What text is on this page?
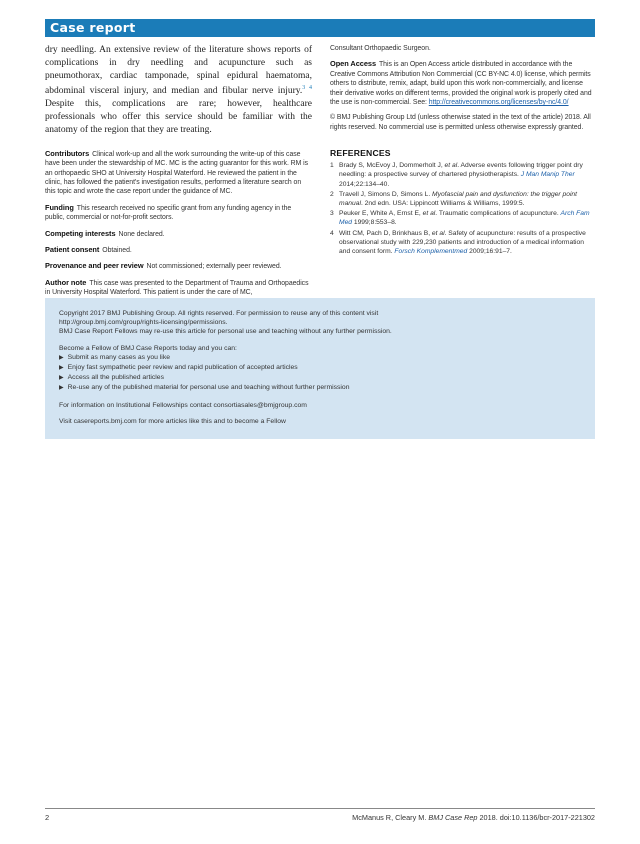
Case report

dry needling. An extensive review of the literature shows reports of complications in dry needling and acupuncture such as pneumothorax, cardiac tamponade, spinal epidural haematoma, abdominal visceral injury, and median and fibular nerve injury.$^{3 4}$ Despite this, complications are rare; however, healthcare professionals who offer this service should be familiar with the anatomy of the region that they are treating.

Contributors Clinical work-up and all the work surrounding the write-up of this case have been under the stewardship of MC. MC is the acting guarantor for this work. RM is an orthopaedic SHO at University Hospital Waterford. He reviewed the patient in the clinic, has followed the patient's investigation results, performed a literature search on this topic and wrote the case report under the guidance of MC.

Funding This research received no specific grant from any funding agency in the public, commercial or not-for-profit sectors.

Competing interests None declared.

Patient consent Obtained.

Provenance and peer review Not commissioned; externally peer reviewed.

Author note This case was presented to the Department of Trauma and Orthopaedics in University Hospital Waterford. This patient is under the care of MC,

Consultant Orthopaedic Surgeon.

Open Access This is an Open Access article distributed in accordance with the Creative Commons Attribution Non Commercial (CC BY-NC 4.0) license, which permits others to distribute, remix, adapt, build upon this work non-commercially, and license their derivative works on different terms, provided the original work is properly cited and the use is non-commercial. See: http://creativecommons.org/licenses/by-nc/4.0/

© BMJ Publishing Group Ltd (unless otherwise stated in the text of the article) 2018. All rights reserved. No commercial use is permitted unless otherwise expressly granted.

REFERENCES
1 Brady S, McEvoy J, Dommerholt J, et al. Adverse events following trigger point dry needling: a prospective survey of chartered physiotherapists. J Man Manip Ther 2014;22:134–40.
2 Travell J, Simons D, Simons L. Myofascial pain and dysfunction: the trigger point manual. 2nd edn. USA: Lippincott Williams & Williams, 1999:5.
3 Peuker E, White A, Ernst E, et al. Traumatic complications of acupuncture. Arch Fam Med 1999;8:553–8.
4 Witt CM, Pach D, Brinkhaus B, et al. Safety of acupuncture: results of a prospective observational study with 229,230 patients and introduction of a medical information and consent form. Forsch Komplementmed 2009;16:91–7.

Copyright 2017 BMJ Publishing Group. All rights reserved. For permission to reuse any of this content visit

http://group.bmj.com/group/rights-licensing/permissions.

BMJ Case Report Fellows may re-use this article for personal use and teaching without any further permission.

Become a Fellow of BMJ Case Reports today and you can:

▶ Submit as many cases as you like

▶ Enjoy fast sympathetic peer review and rapid publication of accepted articles

▶ Access all the published articles

▶ Re-use any of the published material for personal use and teaching without further permission

For information on Institutional Fellowships contact consortiasales@bmjgroup.com

Visit casereports.bmj.com for more articles like this and to become a Fellow

2	McManus R, Cleary M. BMJ Case Rep 2018. doi:10.1136/bcr-2017-221302
